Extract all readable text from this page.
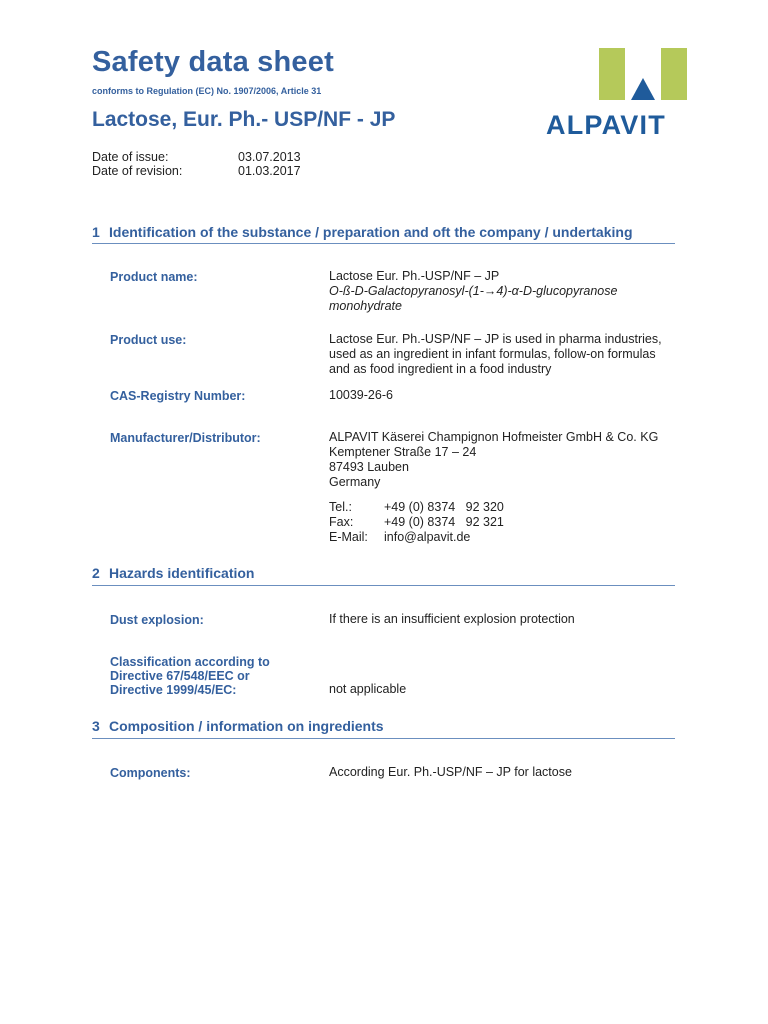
Safety data sheet
conforms to Regulation (EC) No. 1907/2006, Article 31
Lactose, Eur. Ph.- USP/NF - JP	ALPAVIT
Date of issue:	03.07.2013
Date of revision:	01.03.2017
1 Identification of the substance / preparation and oft the company / undertaking
Product name:	Lactose Eur. Ph.-USP/NF – JP
O-ß-D-Galactopyranosyl-(1-→4)-α-D-glucopyranose
monohydrate
Product use:	Lactose Eur. Ph.-USP/NF – JP is used in pharma industries,
used as an ingredient in infant formulas, follow-on formulas
and as food ingredient in a food industry
CAS-Registry Number:	10039-26-6
Manufacturer/Distributor:	ALPAVIT Käserei Champignon Hofmeister GmbH & Co. KG
Kemptener Straße 17 – 24
87493 Lauben
Germany
Tel.:	+49 (0) 8374   92 320
Fax: +49 (0) 8374   92 321
E-Mail: info@alpavit.de
2 Hazards identification
Dust explosion:	If there is an insufficient explosion protection
Classification according to
Directive 67/548/EEC or
Directive 1999/45/EC:	not applicable
3 Composition / information on ingredients
Components:	According Eur. Ph.-USP/NF – JP for lactose
